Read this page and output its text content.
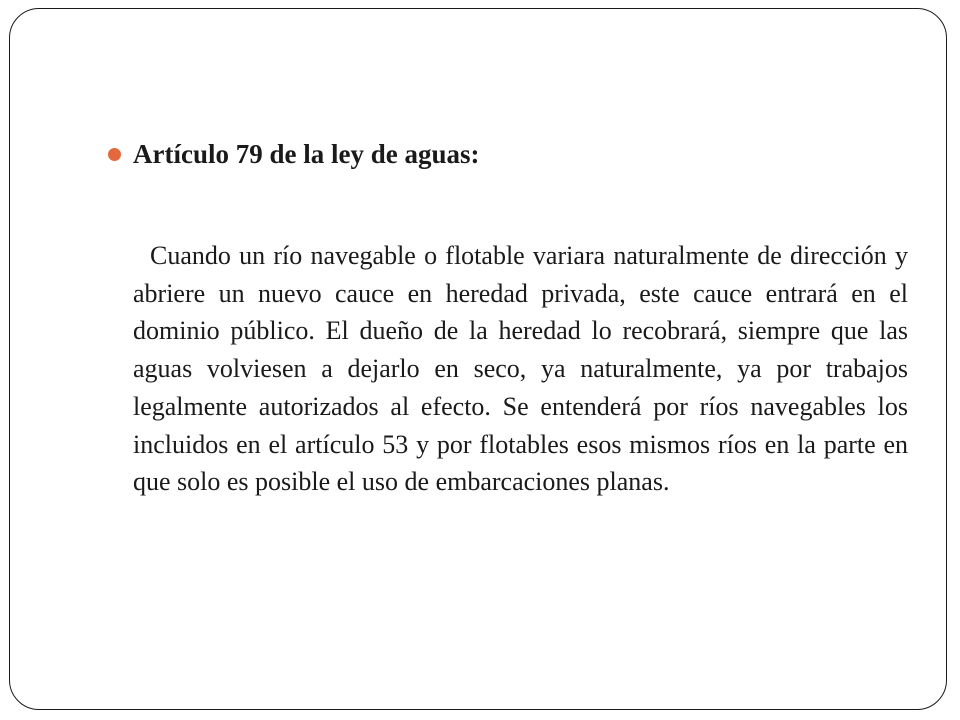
Artículo 79 de la ley de aguas:

Cuando un río navegable o flotable variara naturalmente de dirección y abriere un nuevo cauce en heredad privada, este cauce entrará en el dominio público. El dueño de la heredad lo recobrará, siempre que las aguas volviesen a dejarlo en seco, ya naturalmente, ya por trabajos legalmente autorizados al efecto. Se entenderá por ríos navegables los incluidos en el artículo 53 y por flotables esos mismos ríos en la parte en que solo es posible el uso de embarcaciones planas.
